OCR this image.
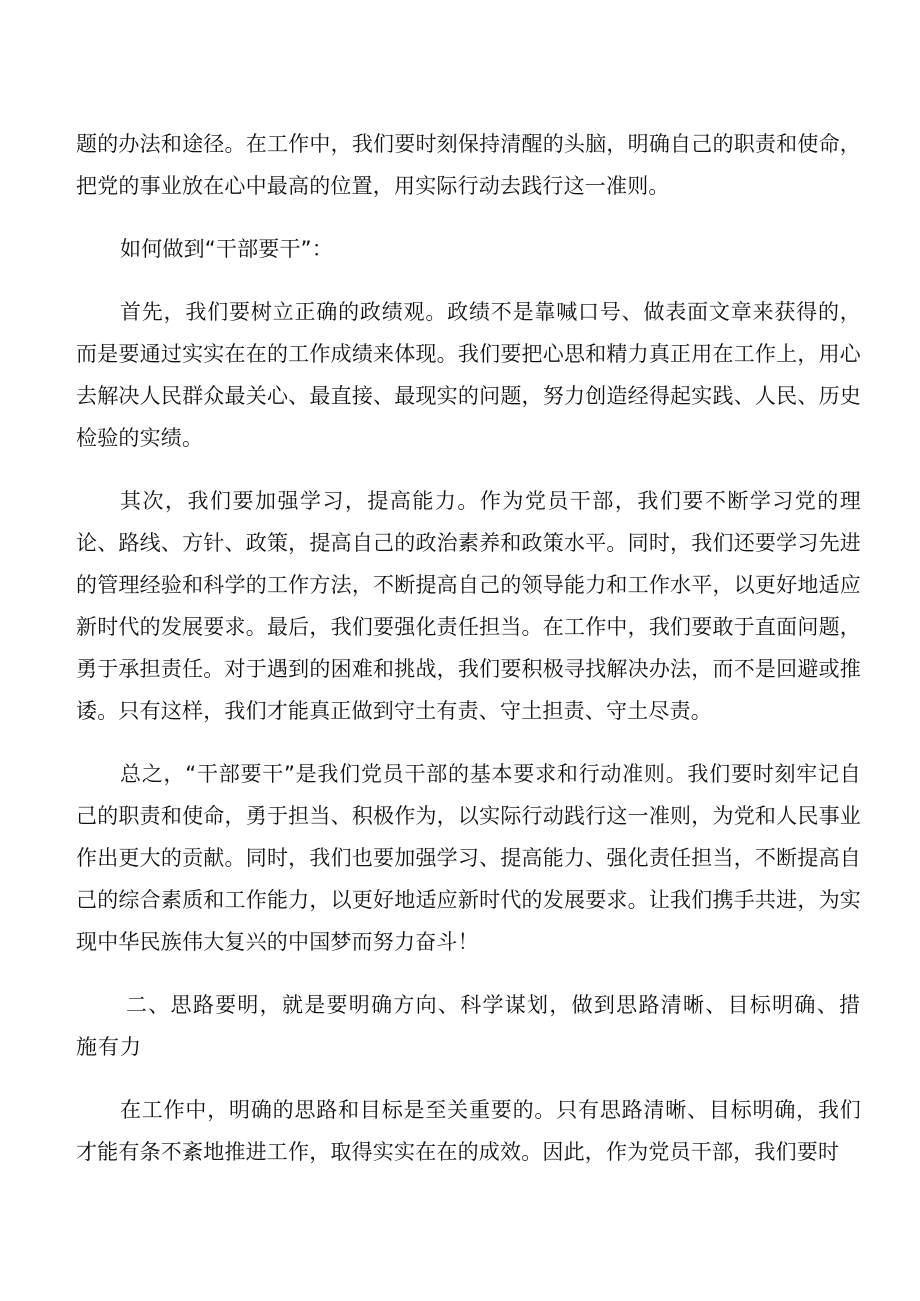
题的办法和途径。在工作中，我们要时刻保持清醒的头脑，明确自己的职责和使命，把党的事业放在心中最高的位置，用实际行动去践行这一准则。

如何做到“干部要干”：

首先，我们要树立正确的政绩观。政绩不是靠喊口号、做表面文章来获得的，而是要通过实实在在的工作成绩来体现。我们要把心思和精力真正用在工作上，用心去解决人民群众最关心、最直接、最现实的问题，努力创造经得起实践、人民、历史检验的实绩。

其次，我们要加强学习，提高能力。作为党员干部，我们要不断学习党的理论、路线、方针、政策，提高自己的政治素养和政策水平。同时，我们还要学习先进的管理经验和科学的工作方法，不断提高自己的领导能力和工作水平，以更好地适应新时代的发展要求。最后，我们要强化责任担当。在工作中，我们要敢于直面问题，勇于承担责任。对于遇到的困难和挑战，我们要积极寻找解决办法，而不是回避或推诿。只有这样，我们才能真正做到守土有责、守土担责、守土尽责。

总之，“干部要干”是我们党员干部的基本要求和行动准则。我们要时刻牢记自己的职责和使命，勇于担当、积极作为，以实际行动践行这一准则，为党和人民事业作出更大的贡献。同时，我们也要加强学习、提高能力、强化责任担当，不断提高自己的综合素质和工作能力，以更好地适应新时代的发展要求。让我们携手共进，为实现中华民族伟大复兴的中国梦而努力奋斗！

二、思路要明，就是要明确方向、科学谋划，做到思路清晰、目标明确、措施有力

在工作中，明确的思路和目标是至关重要的。只有思路清晰、目标明确，我们才能有条不紊地推进工作，取得实实在在的成效。因此，作为党员干部，我们要时
